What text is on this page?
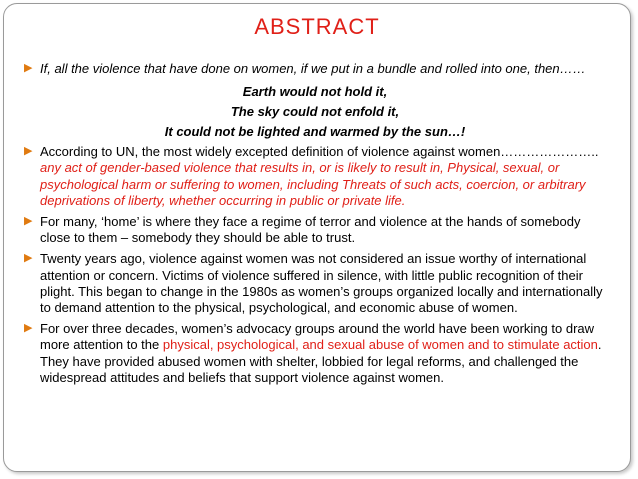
ABSTRACT
▶ If, all the violence that have done on women, if we put in a bundle and rolled into one, then……
Earth would not hold it,
The sky could not enfold it,
It could not be lighted and warmed by the sun…!
▶ According to UN, the most widely excepted definition of violence against women………………….. any act of gender-based violence that results in, or is likely to result in, Physical, sexual, or psychological harm or suffering to women, including Threats of such acts, coercion, or arbitrary deprivations of liberty, whether occurring in public or private life.
▶ For many, ‘home’ is where they face a regime of terror and violence at the hands of somebody close to them – somebody they should be able to trust.
▶ Twenty years ago, violence against women was not considered an issue worthy of international attention or concern. Victims of violence suffered in silence, with little public recognition of their plight. This began to change in the 1980s as women’s groups organized locally and internationally to demand attention to the physical, psychological, and economic abuse of women.
▶ For over three decades, women’s advocacy groups around the world have been working to draw more attention to the physical, psychological, and sexual abuse of women and to stimulate action. They have provided abused women with shelter, lobbied for legal reforms, and challenged the widespread attitudes and beliefs that support violence against women.
